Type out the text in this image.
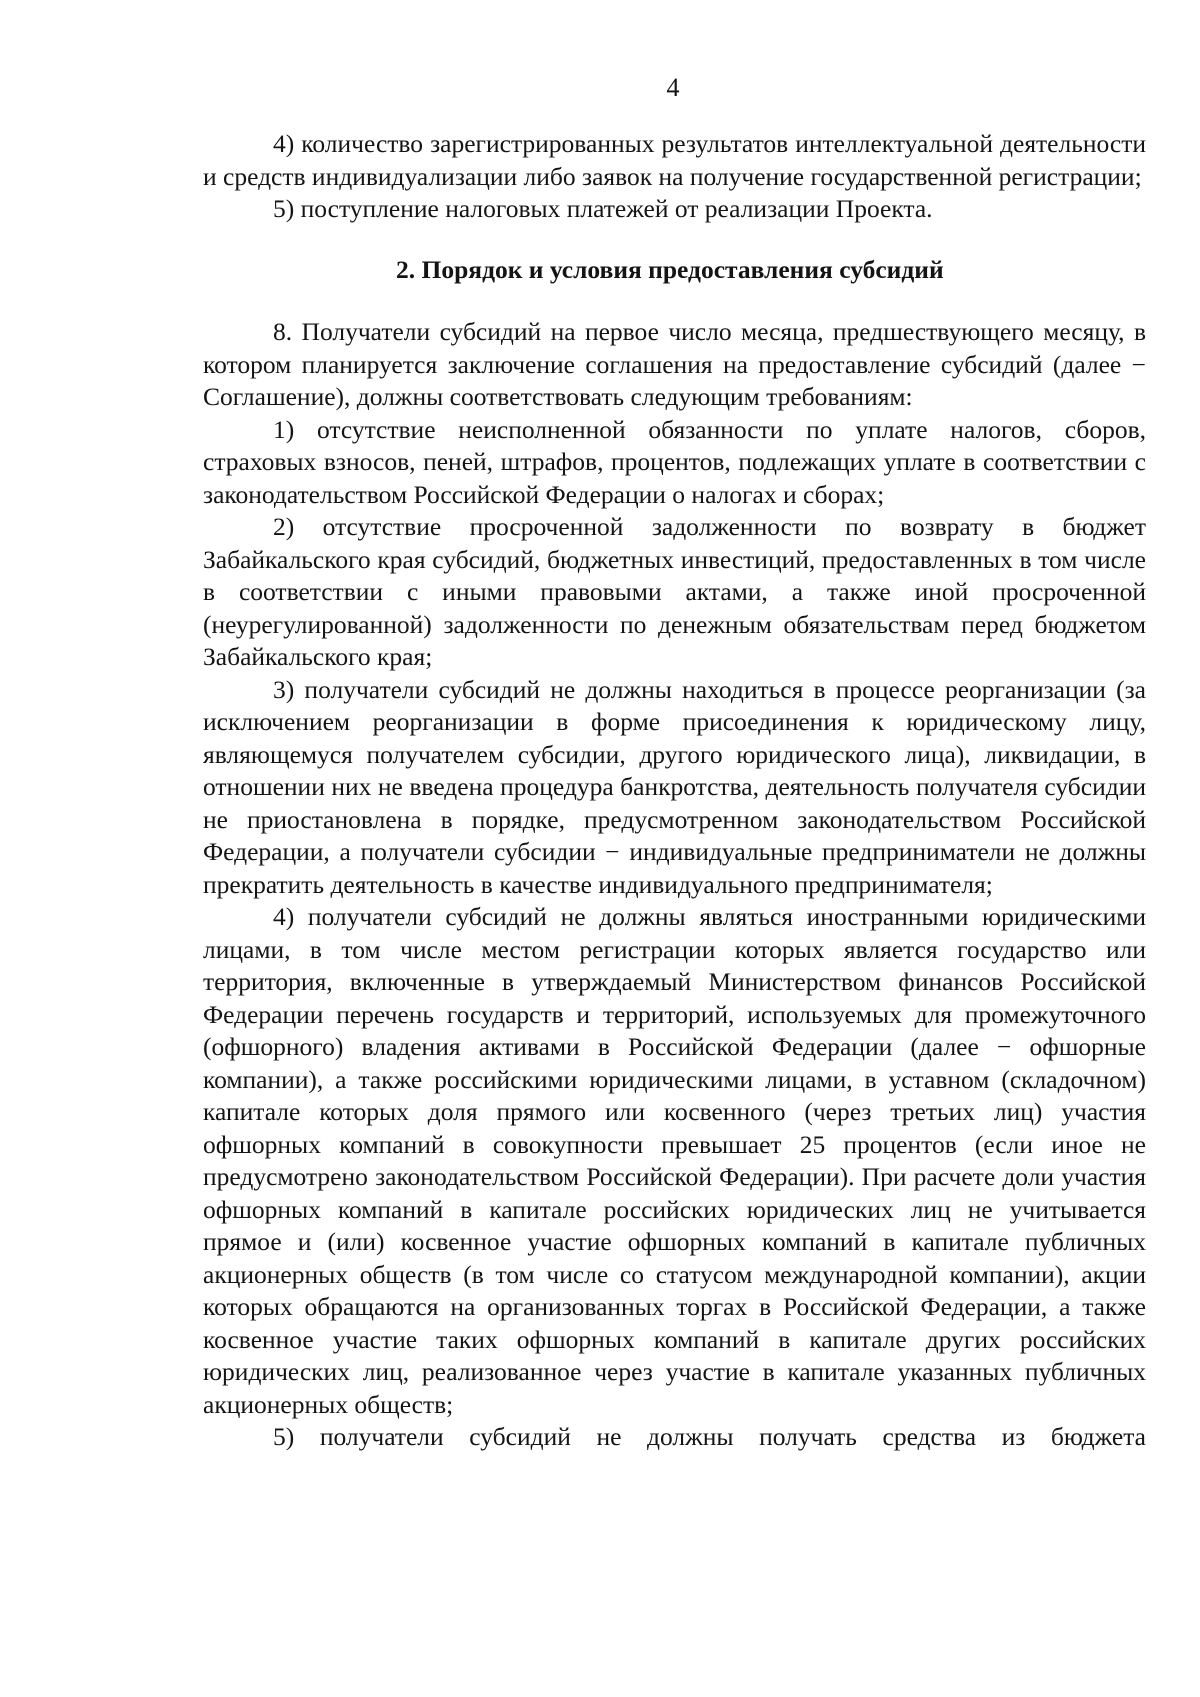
4

4) количество зарегистрированных результатов интеллектуальной деятельности и средств индивидуализации либо заявок на получение государственной регистрации;

5) поступление налоговых платежей от реализации Проекта.

2. Порядок и условия предоставления субсидий

8. Получатели субсидий на первое число месяца, предшествующего месяцу, в котором планируется заключение соглашения на предоставление субсидий (далее − Соглашение), должны соответствовать следующим требованиям:

1) отсутствие неисполненной обязанности по уплате налогов, сборов, страховых взносов, пеней, штрафов, процентов, подлежащих уплате в соответствии с законодательством Российской Федерации о налогах и сборах;

2) отсутствие просроченной задолженности по возврату в бюджет Забайкальского края субсидий, бюджетных инвестиций, предоставленных в том числе в соответствии с иными правовыми актами, а также иной просроченной (неурегулированной) задолженности по денежным обязательствам перед бюджетом Забайкальского края;

3) получатели субсидий не должны находиться в процессе реорганизации (за исключением реорганизации в форме присоединения к юридическому лицу, являющемуся получателем субсидии, другого юридического лица), ликвидации, в отношении них не введена процедура банкротства, деятельность получателя субсидии не приостановлена в порядке, предусмотренном законодательством Российской Федерации, а получатели субсидии − индивидуальные предприниматели не должны прекратить деятельность в качестве индивидуального предпринимателя;

4) получатели субсидий не должны являться иностранными юридическими лицами, в том числе местом регистрации которых является государство или территория, включенные в утверждаемый Министерством финансов Российской Федерации перечень государств и территорий, используемых для промежуточного (офшорного) владения активами в Российской Федерации (далее − офшорные компании), а также российскими юридическими лицами, в уставном (складочном) капитале которых доля прямого или косвенного (через третьих лиц) участия офшорных компаний в совокупности превышает 25 процентов (если иное не предусмотрено законодательством Российской Федерации). При расчете доли участия офшорных компаний в капитале российских юридических лиц не учитывается прямое и (или) косвенное участие офшорных компаний в капитале публичных акционерных обществ (в том числе со статусом международной компании), акции которых обращаются на организованных торгах в Российской Федерации, а также косвенное участие таких офшорных компаний в капитале других российских юридических лиц, реализованное через участие в капитале указанных публичных акционерных обществ;

5) получатели субсидий не должны получать средства из бюджета
